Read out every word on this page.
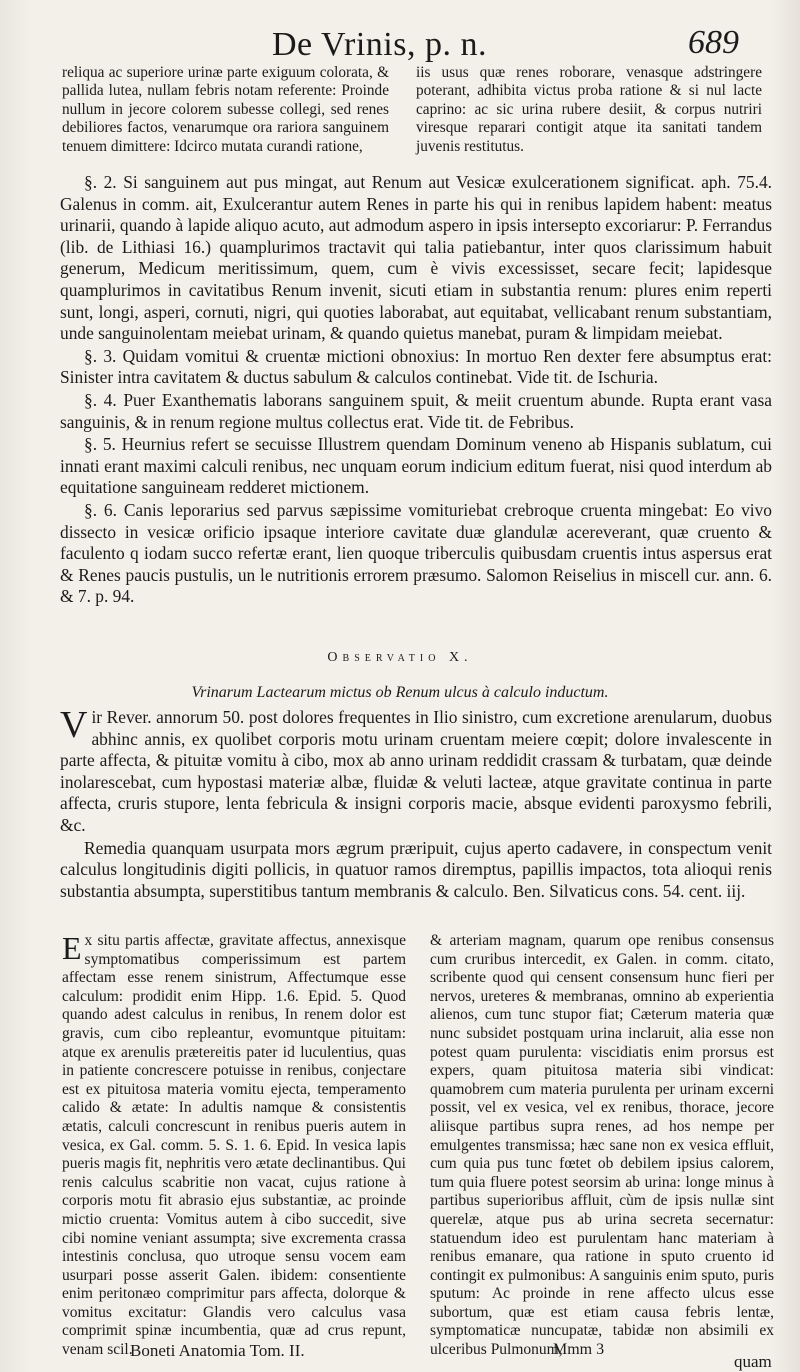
De Vrinis, p. n.	689

reliqua ac superiore urinæ parte exiguum colorata, & pallida lutea, nullam febris notam referente: Proinde nullum in jecore colorem subesse collegi, sed renes debiliores factos, venarumque ora rariora sanguinem tenuem dimittere: Idcirco mutata curandi ratione,

iis usus quæ renes roborare, venasque adstringere poterant, adhibita victus proba ratione & si nul lacte caprino: ac sic urina rubere desiit, & corpus nutriri viresque reparari contigit atque ita sanitati tandem juvenis restitutus.

§. 2. Si sanguinem aut pus mingat, aut Renum aut Vesicæ exulcerationem significat. aph. 75.4. Galenus in comm. ait, Exulcerantur autem Renes in parte his qui in renibus lapidem habent: meatus urinarii, quando à lapide aliquo acuto, aut admodum aspero in ipsis intersepto excoriarur: P. Ferrandus (lib. de Lithiasi 16.) quamplurimos tractavit qui talia patiebantur, inter quos clarissimum habuit generum, Medicum meritissimum, quem, cum è vivis excessisset, secare fecit; lapidesque quamplurimos in cavitatibus Renum invenit, sicuti etiam in substantia renum: plures enim reperti sunt, longi, asperi, cornuti, nigri, qui quoties laborabat, aut equitabat, vellicabant renum substantiam, unde sanguinolentam meiebat urinam, & quando quietus manebat, puram & limpidam meiebat.

§. 3. Quidam vomitui & cruentæ mictioni obnoxius: In mortuo Ren dexter fere absumptus erat: Sinister intra cavitatem & ductus sabulum & calculos continebat. Vide tit. de Ischuria.

§. 4. Puer Exanthematis laborans sanguinem spuit, & meiit cruentum abunde. Rupta erant vasa sanguinis, & in renum regione multus collectus erat. Vide tit. de Febribus.

§. 5. Heurnius refert se secuisse Illustrem quendam Dominum veneno ab Hispanis sublatum, cui innati erant maximi calculi renibus, nec unquam eorum indicium editum fuerat, nisi quod interdum ab equitatione sanguineam redderet mictionem.

§. 6. Canis leporarius sed parvus sæpissime vomituriebat crebroque cruenta mingebat: Eo vivo dissecto in vesicæ orificio ipsaque interiore cavitate duæ glandulæ acereverant, quæ cruento & faculento q iodam succo refertæ erant, lien quoque triberculis quibusdam cruentis intus aspersus erat & Renes paucis pustulis, un le nutritionis errorem præsumo. Salomon Reiselius in miscell cur. ann. 6. & 7. p. 94.

Observatio X.
Vrinarum Lactearum mictus ob Renum ulcus à calculo inductum.

Vir Rever. annorum 50. post dolores frequentes in Ilio sinistro, cum excretione arenularum, duobus abhinc annis, ex quolibet corporis motu urinam cruentam meiere cœpit; dolore invalescente in parte affecta, & pituitæ vomitu à cibo, mox ab anno urinam reddidit crassam & turbatam, quæ deinde inolarescebat, cum hypostasi materiæ albæ, fluidæ & veluti lacteæ, atque gravitate continua in parte affecta, cruris stupore, lenta febricula & insigni corporis macie, absque evidenti paroxysmo febrili, &c.

Remedia quanquam usurpata mors ægrum præripuit, cujus aperto cadavere, in conspectum venit calculus longitudinis digiti pollicis, in quatuor ramos diremptus, papillis impactos, tota alioqui renis substantia absumpta, superstitibus tantum membranis & calculo. Ben. Silvaticus cons. 54. cent. iij.

Ex situ partis affectæ, gravitate affectus, annexisque symptomatibus comperissimum est partem affectam esse renem sinistrum, Affectumque esse calculum: prodidit enim Hipp. 1.6. Epid. 5. Quod quando adest calculus in renibus, In renem dolor est gravis, cum cibo repleantur, evomuntque pituitam: atque ex arenulis prætereitis pater id luculentius, quas in patiente concrescere potuisse in renibus, conjectare est ex pituitosa materia vomitu ejecta, temperamento calido & ætate: In adultis namque & consistentis ætatis, calculi concrescunt in renibus pueris autem in vesica, ex Gal. comm. 5. S. 1. 6. Epid. In vesica lapis pueris magis fit, nephritis vero ætate declinantibus. Qui renis calculus scabritie non vacat, cujus ratione à corporis motu fit abrasio ejus substantiæ, ac proinde mictio cruenta: Vomitus autem à cibo succedit, sive cibi nomine veniant assumpta; sive excrementa crassa intestinis conclusa, quo utroque sensu vocem eam usurpari posse asserit Galen. ibidem: consentiente enim peritonæo comprimitur pars affecta, dolorque & vomitus excitatur: Glandis vero calculus vasa comprimit spinæ incumbentia, quæ ad crus repunt, venam scil.

& arteriam magnam, quarum ope renibus consensus cum cruribus intercedit, ex Galen. in comm. citato, scribente quod qui censent consensum hunc fieri per nervos, ureteres & membranas, omnino ab experientia alienos, cum tunc stupor fiat; Cæterum materia quæ nunc subsidet postquam urina inclaruit, alia esse non potest quam purulenta: viscidiatis enim prorsus est expers, quam pituitosa materia sibi vindicat: quamobrem cum materia purulenta per urinam excerni possit, vel ex vesica, vel ex renibus, thorace, jecore aliisque partibus supra renes, ad hos nempe per emulgentes transmissa; hæc sane non ex vesica effluit, cum quia pus tunc fœtet ob debilem ipsius calorem, tum quia fluere potest seorsim ab urina: longe minus à partibus superioribus affluit, cùm de ipsis nullæ sint querelæ, atque pus ab urina secreta secernatur: statuendum ideo est purulentam hanc materiam à renibus emanare, qua ratione in sputo cruento id contingit ex pulmonibus: A sanguinis enim sputo, puris sputum: Ac proinde in rene affecto ulcus esse subortum, quæ est etiam causa febris lentæ, symptomaticæ nuncupatæ, tabidæ non absimili ex ulceribus Pulmonum,

Boneti Anatomia Tom. II.	Mmm 3
quam
